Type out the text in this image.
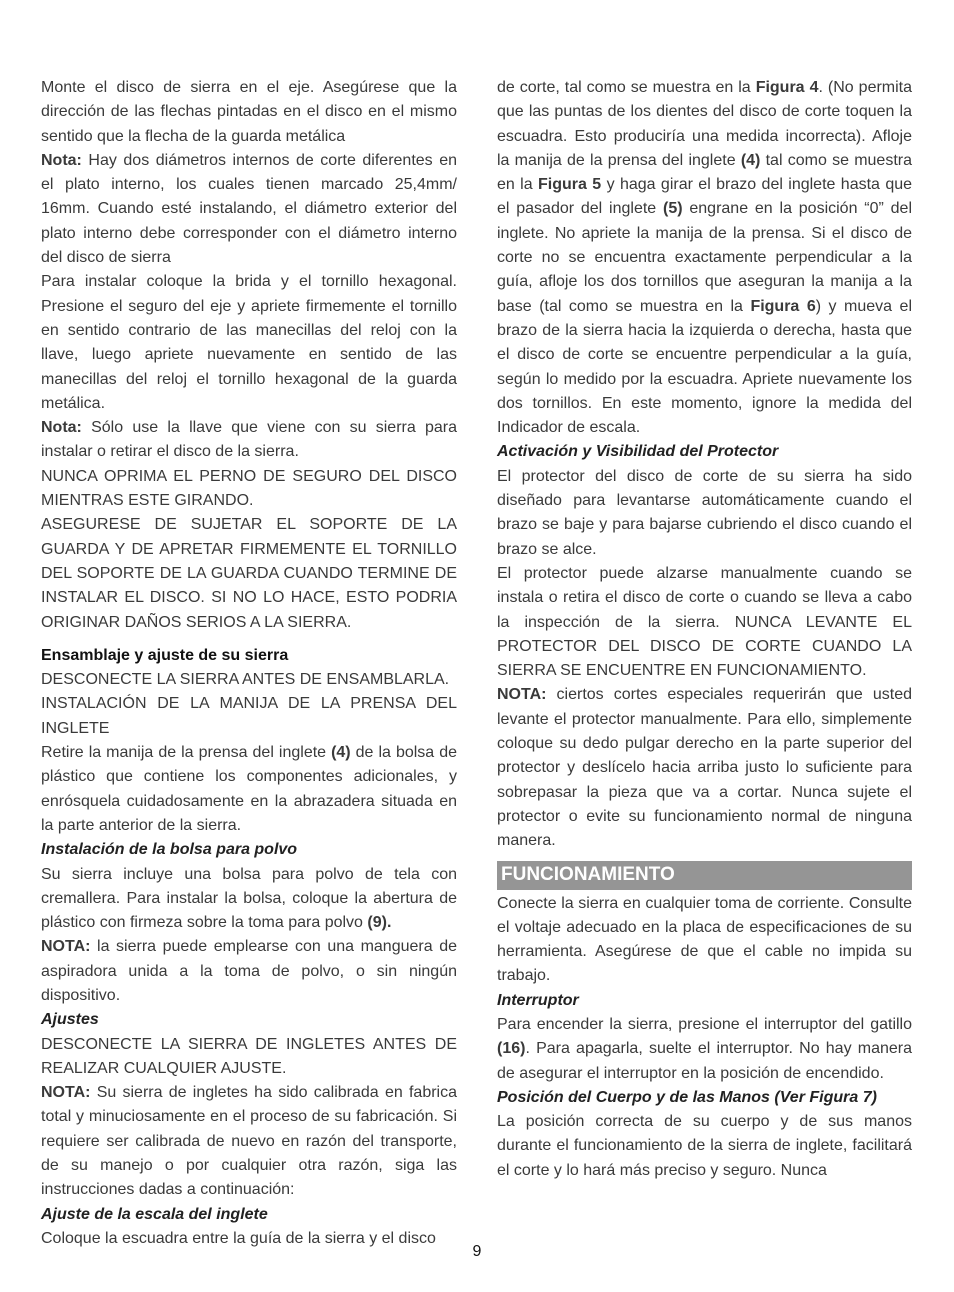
Monte el disco de sierra en el eje. Asegúrese que la dirección de las flechas pintadas en el disco en el mismo sentido que la flecha de la guarda metálica

Nota: Hay dos diámetros internos de corte diferentes en el plato interno, los cuales tienen marcado 25,4mm/ 16mm. Cuando esté instalando, el diámetro exterior del plato interno debe corresponder con el diámetro interno del disco de sierra

Para instalar coloque la brida y el tornillo hexagonal. Presione el seguro del eje y apriete firmemente el tornillo en sentido contrario de las manecillas del reloj con la llave, luego apriete nuevamente en sentido de las manecillas del reloj el tornillo hexagonal de la guarda metálica.

Nota: Sólo use la llave que viene con su sierra para instalar o retirar el disco de la sierra.

NUNCA OPRIMA EL PERNO DE SEGURO DEL DISCO MIENTRAS ESTE GIRANDO.

ASEGURESE DE SUJETAR EL SOPORTE DE LA GUARDA Y DE APRETAR FIRMEMENTE EL TORNILLO DEL SOPORTE DE LA GUARDA CUANDO TERMINE DE INSTALAR EL DISCO. SI NO LO HACE, ESTO PODRIA ORIGINAR DAÑOS SERIOS A LA SIERRA.

Ensamblaje y ajuste de su sierra

DESCONECTE LA SIERRA ANTES DE ENSAMBLARLA.

INSTALACIÓN DE LA MANIJA DE LA PRENSA DEL INGLETE

Retire la manija de la prensa del inglete (4) de la bolsa de plástico que contiene los componentes adicionales, y enrósquela cuidadosamente en la abrazadera situada en la parte anterior de la sierra.

Instalación de la bolsa para polvo

Su sierra incluye una bolsa para polvo de tela con cremallera. Para instalar la bolsa, coloque la abertura de plástico con firmeza sobre la toma para polvo (9).

NOTA: la sierra puede emplearse con una manguera de aspiradora unida a la toma de polvo, o sin ningún dispositivo.

Ajustes

DESCONECTE LA SIERRA DE INGLETES ANTES DE REALIZAR CUALQUIER AJUSTE.

NOTA: Su sierra de ingletes ha sido calibrada en fabrica total y minuciosamente en el proceso de su fabricación. Si requiere ser calibrada de nuevo en razón del transporte, de su manejo o por cualquier otra razón, siga las instrucciones dadas a continuación:

Ajuste de la escala del inglete

Coloque la escuadra entre la guía de la sierra y el disco

de corte, tal como se muestra en la Figura 4. (No permita que las puntas de los dientes del disco de corte toquen la escuadra. Esto produciría una medida incorrecta). Afloje la manija de la prensa del inglete (4) tal como se muestra en la Figura 5 y haga girar el brazo del inglete hasta que el pasador del inglete (5) engrane en la posición “0” del inglete. No apriete la manija de la prensa. Si el disco de corte no se encuentra exactamente perpendicular a la guía, afloje los dos tornillos que aseguran la manija a la base (tal como se muestra en la Figura 6) y mueva el brazo de la sierra hacia la izquierda o derecha, hasta que el disco de corte se encuentre perpendicular a la guía, según lo medido por la escuadra. Apriete nuevamente los dos tornillos. En este momento, ignore la medida del Indicador de escala.

Activación y Visibilidad del Protector

El protector del disco de corte de su sierra ha sido diseñado para levantarse automáticamente cuando el brazo se baje y para bajarse cubriendo el disco cuando el brazo se alce.

El protector puede alzarse manualmente cuando se instala o retira el disco de corte o cuando se lleva a cabo la inspección de la sierra. NUNCA LEVANTE EL PROTECTOR DEL DISCO DE CORTE CUANDO LA SIERRA SE ENCUENTRE EN FUNCIONAMIENTO.

NOTA: ciertos cortes especiales requerirán que usted levante el protector manualmente. Para ello, simplemente coloque su dedo pulgar derecho en la parte superior del protector y deslícelo hacia arriba justo lo suficiente para sobrepasar la pieza que va a cortar. Nunca sujete el protector o evite su funcionamiento normal de ninguna manera.

FUNCIONAMIENTO

Conecte la sierra en cualquier toma de corriente. Consulte el voltaje adecuado en la placa de especificaciones de su herramienta. Asegúrese de que el cable no impida su trabajo.

Interruptor

Para encender la sierra, presione el interruptor del gatillo (16). Para apagarla, suelte el interruptor. No hay manera de asegurar el interruptor en la posición de encendido.

Posición del Cuerpo y de las Manos (Ver Figura 7)

La posición correcta de su cuerpo y de sus manos durante el funcionamiento de la sierra de inglete, facilitará el corte y lo hará más preciso y seguro. Nunca

9
